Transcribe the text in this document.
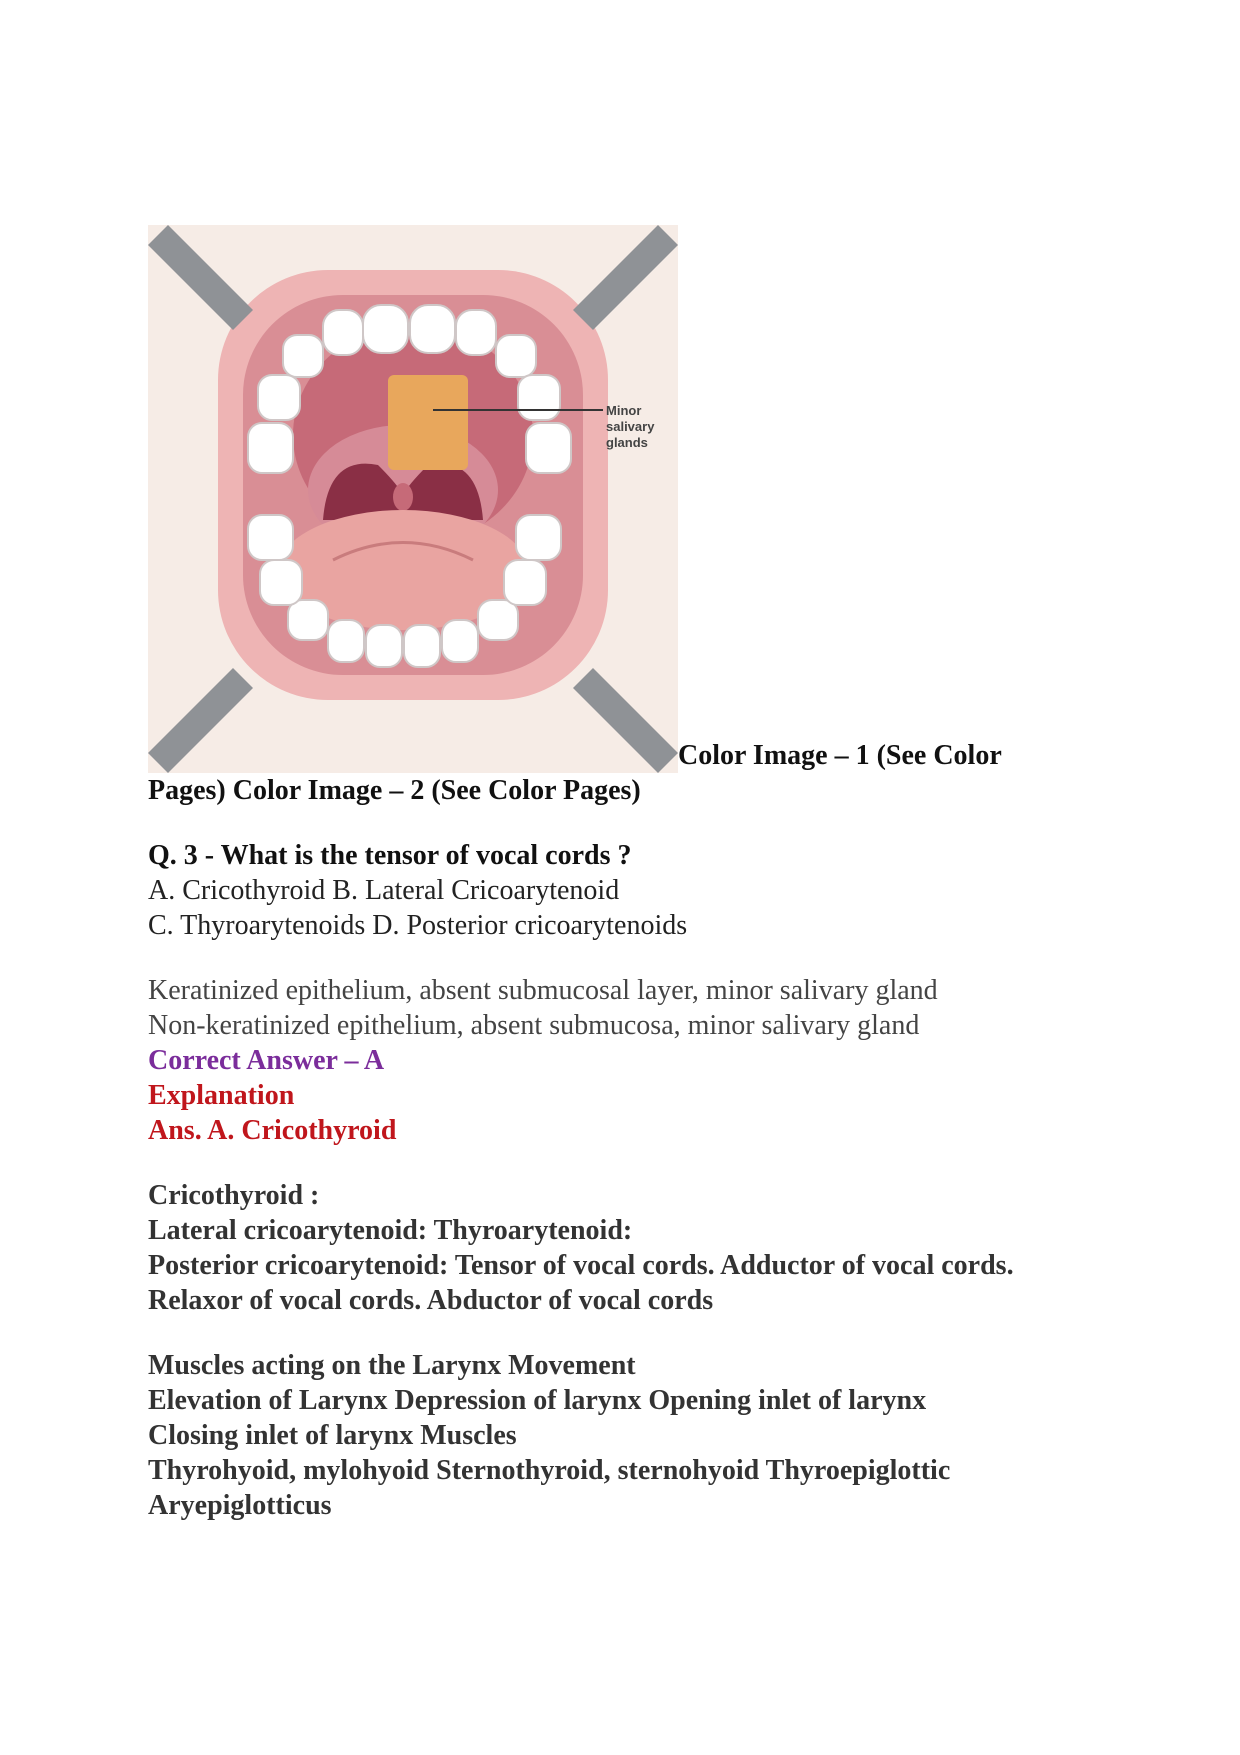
Minor
salivary
glands
Color Image – 1 (See Color
Pages) Color Image – 2 (See Color Pages)
Q. 3 - What is the tensor of vocal cords ?
A. Cricothyroid B. Lateral Cricoarytenoid
C. Thyroarytenoids D. Posterior cricoarytenoids
Keratinized epithelium, absent submucosal layer, minor salivary gland
Non-keratinized epithelium, absent submucosa, minor salivary gland
Correct Answer – A
Explanation
Ans. A. Cricothyroid
Cricothyroid :
Lateral cricoarytenoid: Thyroarytenoid:
Posterior cricoarytenoid: Tensor of vocal cords. Adductor of vocal cords.
Relaxor of vocal cords. Abductor of vocal cords
Muscles acting on the Larynx Movement
Elevation of Larynx Depression of larynx Opening inlet of larynx
Closing inlet of larynx Muscles
Thyrohyoid, mylohyoid Sternothyroid, sternohyoid Thyroepiglottic
Aryepiglotticus
